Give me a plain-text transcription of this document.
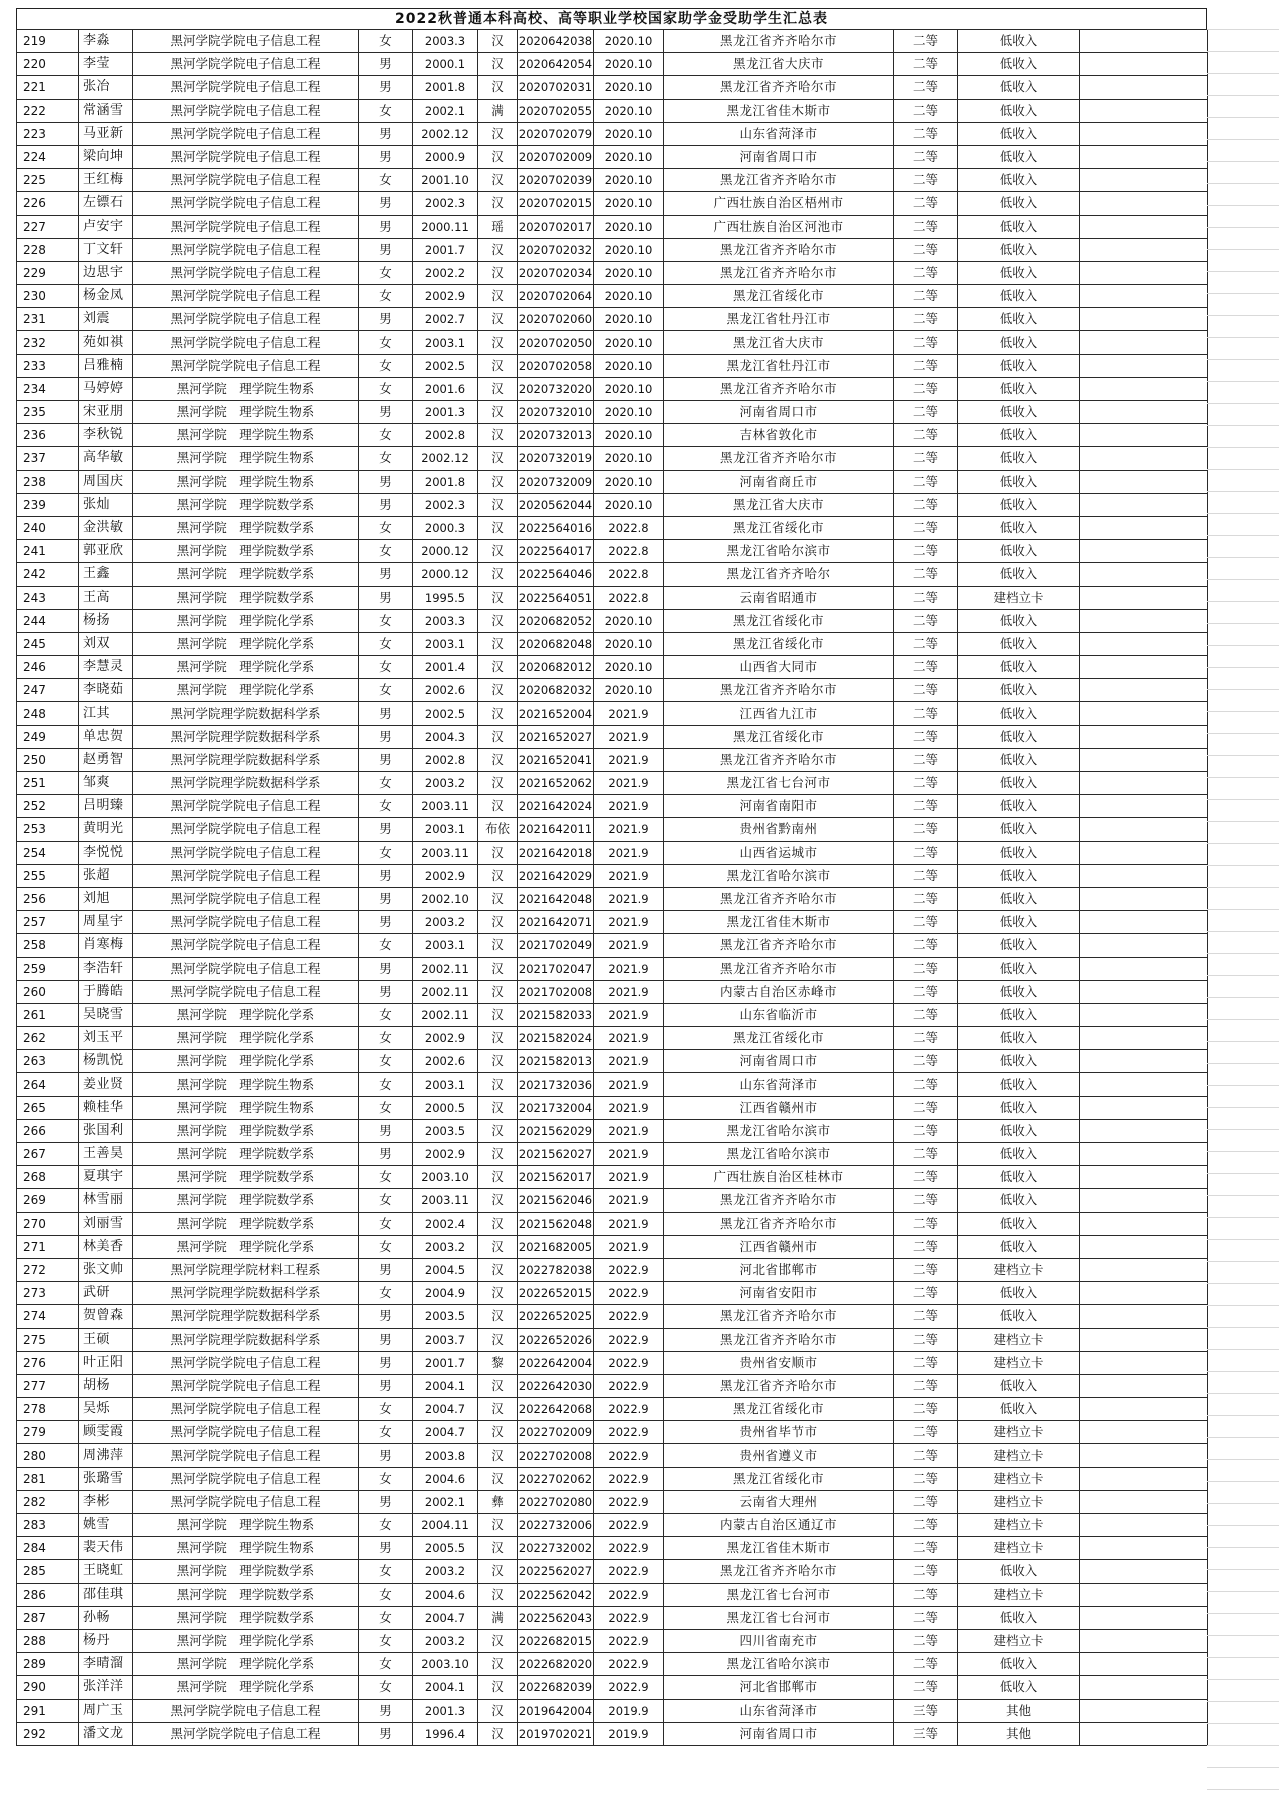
2022秋普通本科高校、高等职业学校国家助学金受助学生汇总表
219	李淼	黑河学院学院电子信息工程	女	2003.3	汉	2020642038	2020.10	黑龙江省齐齐哈尔市	二等	低收入	
220	李莹	黑河学院学院电子信息工程	男	2000.1	汉	2020642054	2020.10	黑龙江省大庆市	二等	低收入	
221	张冶	黑河学院学院电子信息工程	男	2001.8	汉	2020702031	2020.10	黑龙江省齐齐哈尔市	二等	低收入	
222	常涵雪	黑河学院学院电子信息工程	女	2002.1	满	2020702055	2020.10	黑龙江省佳木斯市	二等	低收入	
223	马亚新	黑河学院学院电子信息工程	男	2002.12	汉	2020702079	2020.10	山东省菏泽市	二等	低收入	
224	梁向坤	黑河学院学院电子信息工程	男	2000.9	汉	2020702009	2020.10	河南省周口市	二等	低收入	
225	王红梅	黑河学院学院电子信息工程	女	2001.10	汉	2020702039	2020.10	黑龙江省齐齐哈尔市	二等	低收入	
226	左镖石	黑河学院学院电子信息工程	男	2002.3	汉	2020702015	2020.10	广西壮族自治区梧州市	二等	低收入	
227	卢安宇	黑河学院学院电子信息工程	男	2000.11	瑶	2020702017	2020.10	广西壮族自治区河池市	二等	低收入	
228	丁文轩	黑河学院学院电子信息工程	男	2001.7	汉	2020702032	2020.10	黑龙江省齐齐哈尔市	二等	低收入	
229	边思宇	黑河学院学院电子信息工程	女	2002.2	汉	2020702034	2020.10	黑龙江省齐齐哈尔市	二等	低收入	
230	杨金凤	黑河学院学院电子信息工程	女	2002.9	汉	2020702064	2020.10	黑龙江省绥化市	二等	低收入	
231	刘震	黑河学院学院电子信息工程	男	2002.7	汉	2020702060	2020.10	黑龙江省牡丹江市	二等	低收入	
232	苑如祺	黑河学院学院电子信息工程	女	2003.1	汉	2020702050	2020.10	黑龙江省大庆市	二等	低收入	
233	吕雅楠	黑河学院学院电子信息工程	女	2002.5	汉	2020702058	2020.10	黑龙江省牡丹江市	二等	低收入	
234	马婷婷	黑河学院　理学院生物系	女	2001.6	汉	2020732020	2020.10	黑龙江省齐齐哈尔市	二等	低收入	
235	宋亚朋	黑河学院　理学院生物系	男	2001.3	汉	2020732010	2020.10	河南省周口市	二等	低收入	
236	李秋锐	黑河学院　理学院生物系	女	2002.8	汉	2020732013	2020.10	吉林省敦化市	二等	低收入	
237	高华敏	黑河学院　理学院生物系	女	2002.12	汉	2020732019	2020.10	黑龙江省齐齐哈尔市	二等	低收入	
238	周国庆	黑河学院　理学院生物系	男	2001.8	汉	2020732009	2020.10	河南省商丘市	二等	低收入	
239	张灿	黑河学院　理学院数学系	男	2002.3	汉	2020562044	2020.10	黑龙江省大庆市	二等	低收入	
240	金洪敏	黑河学院　理学院数学系	女	2000.3	汉	2022564016	2022.8	黑龙江省绥化市	二等	低收入	
241	郭亚欣	黑河学院　理学院数学系	女	2000.12	汉	2022564017	2022.8	黑龙江省哈尔滨市	二等	低收入	
242	王鑫	黑河学院　理学院数学系	男	2000.12	汉	2022564046	2022.8	黑龙江省齐齐哈尔	二等	低收入	
243	王高	黑河学院　理学院数学系	男	1995.5	汉	2022564051	2022.8	云南省昭通市	二等	建档立卡	
244	杨扬	黑河学院　理学院化学系	女	2003.3	汉	2020682052	2020.10	黑龙江省绥化市	二等	低收入	
245	刘双	黑河学院　理学院化学系	女	2003.1	汉	2020682048	2020.10	黑龙江省绥化市	二等	低收入	
246	李慧灵	黑河学院　理学院化学系	女	2001.4	汉	2020682012	2020.10	山西省大同市	二等	低收入	
247	李晓茹	黑河学院　理学院化学系	女	2002.6	汉	2020682032	2020.10	黑龙江省齐齐哈尔市	二等	低收入	
248	江其	黑河学院理学院数据科学系	男	2002.5	汉	2021652004	2021.9	江西省九江市	二等	低收入	
249	单忠贺	黑河学院理学院数据科学系	男	2004.3	汉	2021652027	2021.9	黑龙江省绥化市	二等	低收入	
250	赵勇智	黑河学院理学院数据科学系	男	2002.8	汉	2021652041	2021.9	黑龙江省齐齐哈尔市	二等	低收入	
251	邹爽	黑河学院理学院数据科学系	女	2003.2	汉	2021652062	2021.9	黑龙江省七台河市	二等	低收入	
252	吕明臻	黑河学院学院电子信息工程	女	2003.11	汉	2021642024	2021.9	河南省南阳市	二等	低收入	
253	黄明光	黑河学院学院电子信息工程	男	2003.1	布依	2021642011	2021.9	贵州省黔南州	二等	低收入	
254	李悦悦	黑河学院学院电子信息工程	女	2003.11	汉	2021642018	2021.9	山西省运城市	二等	低收入	
255	张超	黑河学院学院电子信息工程	男	2002.9	汉	2021642029	2021.9	黑龙江省哈尔滨市	二等	低收入	
256	刘旭	黑河学院学院电子信息工程	男	2002.10	汉	2021642048	2021.9	黑龙江省齐齐哈尔市	二等	低收入	
257	周星宇	黑河学院学院电子信息工程	男	2003.2	汉	2021642071	2021.9	黑龙江省佳木斯市	二等	低收入	
258	肖寒梅	黑河学院学院电子信息工程	女	2003.1	汉	2021702049	2021.9	黑龙江省齐齐哈尔市	二等	低收入	
259	李浩轩	黑河学院学院电子信息工程	男	2002.11	汉	2021702047	2021.9	黑龙江省齐齐哈尔市	二等	低收入	
260	于腾皓	黑河学院学院电子信息工程	男	2002.11	汉	2021702008	2021.9	内蒙古自治区赤峰市	二等	低收入	
261	吴晓雪	黑河学院　理学院化学系	女	2002.11	汉	2021582033	2021.9	山东省临沂市	二等	低收入	
262	刘玉平	黑河学院　理学院化学系	女	2002.9	汉	2021582024	2021.9	黑龙江省绥化市	二等	低收入	
263	杨凯悦	黑河学院　理学院化学系	女	2002.6	汉	2021582013	2021.9	河南省周口市	二等	低收入	
264	姜业贤	黑河学院　理学院生物系	女	2003.1	汉	2021732036	2021.9	山东省菏泽市	二等	低收入	
265	赖桂华	黑河学院　理学院生物系	女	2000.5	汉	2021732004	2021.9	江西省赣州市	二等	低收入	
266	张国利	黑河学院　理学院数学系	男	2003.5	汉	2021562029	2021.9	黑龙江省哈尔滨市	二等	低收入	
267	王善昊	黑河学院　理学院数学系	男	2002.9	汉	2021562027	2021.9	黑龙江省哈尔滨市	二等	低收入	
268	夏琪宇	黑河学院　理学院数学系	女	2003.10	汉	2021562017	2021.9	广西壮族自治区桂林市	二等	低收入	
269	林雪丽	黑河学院　理学院数学系	女	2003.11	汉	2021562046	2021.9	黑龙江省齐齐哈尔市	二等	低收入	
270	刘丽雪	黑河学院　理学院数学系	女	2002.4	汉	2021562048	2021.9	黑龙江省齐齐哈尔市	二等	低收入	
271	林美香	黑河学院　理学院化学系	女	2003.2	汉	2021682005	2021.9	江西省赣州市	二等	低收入	
272	张文帅	黑河学院理学院材料工程系	男	2004.5	汉	2022782038	2022.9	河北省邯郸市	二等	建档立卡	
273	武研	黑河学院理学院数据科学系	女	2004.9	汉	2022652015	2022.9	河南省安阳市	二等	低收入	
274	贺曾森	黑河学院理学院数据科学系	男	2003.5	汉	2022652025	2022.9	黑龙江省齐齐哈尔市	二等	低收入	
275	王硕	黑河学院理学院数据科学系	男	2003.7	汉	2022652026	2022.9	黑龙江省齐齐哈尔市	二等	建档立卡	
276	叶正阳	黑河学院学院电子信息工程	男	2001.7	黎	2022642004	2022.9	贵州省安顺市	二等	建档立卡	
277	胡杨	黑河学院学院电子信息工程	男	2004.1	汉	2022642030	2022.9	黑龙江省齐齐哈尔市	二等	低收入	
278	吴烁	黑河学院学院电子信息工程	女	2004.7	汉	2022642068	2022.9	黑龙江省绥化市	二等	低收入	
279	顾雯霞	黑河学院学院电子信息工程	女	2004.7	汉	2022702009	2022.9	贵州省毕节市	二等	建档立卡	
280	周沸萍	黑河学院学院电子信息工程	男	2003.8	汉	2022702008	2022.9	贵州省遵义市	二等	建档立卡	
281	张璐雪	黑河学院学院电子信息工程	女	2004.6	汉	2022702062	2022.9	黑龙江省绥化市	二等	建档立卡	
282	李彬	黑河学院学院电子信息工程	男	2002.1	彝	2022702080	2022.9	云南省大理州	二等	建档立卡	
283	姚雪	黑河学院　理学院生物系	女	2004.11	汉	2022732006	2022.9	内蒙古自治区通辽市	二等	建档立卡	
284	裴天伟	黑河学院　理学院生物系	男	2005.5	汉	2022732002	2022.9	黑龙江省佳木斯市	二等	建档立卡	
285	王晓虹	黑河学院　理学院数学系	女	2003.2	汉	2022562027	2022.9	黑龙江省齐齐哈尔市	二等	低收入	
286	邵佳琪	黑河学院　理学院数学系	女	2004.6	汉	2022562042	2022.9	黑龙江省七台河市	二等	建档立卡	
287	孙畅	黑河学院　理学院数学系	女	2004.7	满	2022562043	2022.9	黑龙江省七台河市	二等	低收入	
288	杨丹	黑河学院　理学院化学系	女	2003.2	汉	2022682015	2022.9	四川省南充市	二等	建档立卡	
289	李晴溜	黑河学院　理学院化学系	女	2003.10	汉	2022682020	2022.9	黑龙江省哈尔滨市	二等	低收入	
290	张洋洋	黑河学院　理学院化学系	女	2004.1	汉	2022682039	2022.9	河北省邯郸市	二等	低收入	
291	周广玉	黑河学院学院电子信息工程	男	2001.3	汉	2019642004	2019.9	山东省菏泽市	三等	其他	
292	潘文龙	黑河学院学院电子信息工程	男	1996.4	汉	2019702021	2019.9	河南省周口市	三等	其他	
